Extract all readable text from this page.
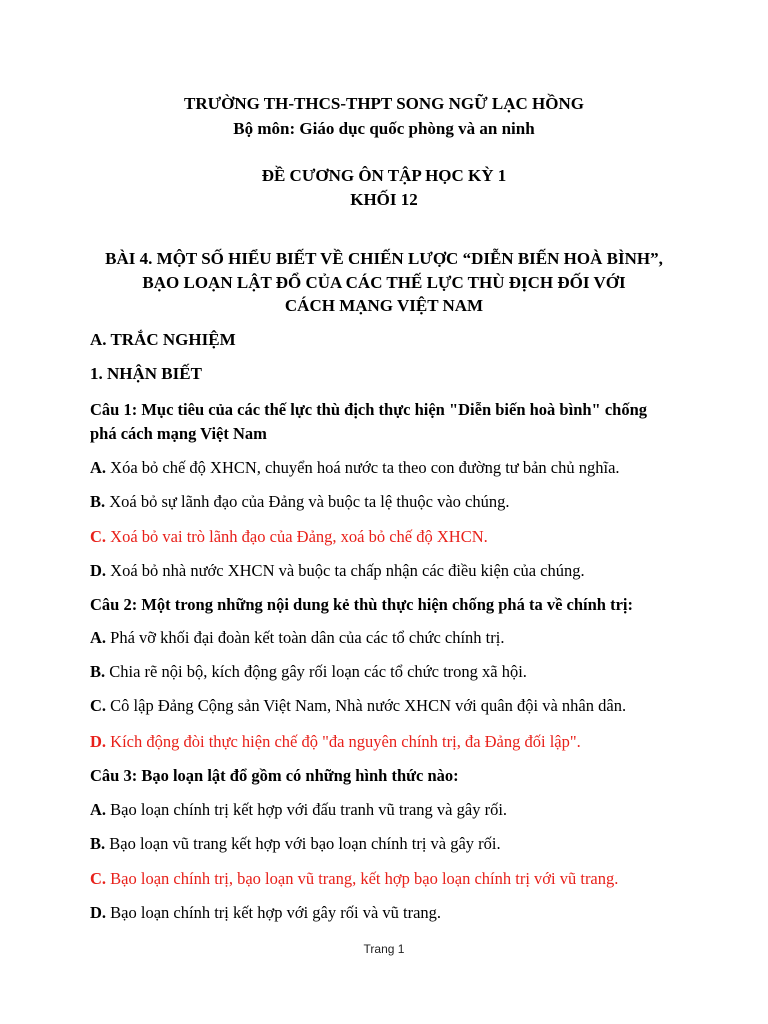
TRƯỜNG TH-THCS-THPT SONG NGỮ LẠC HỒNG
Bộ môn: Giáo dục quốc phòng và an ninh
ĐỀ CƯƠNG ÔN TẬP HỌC KỲ 1
KHỐI 12
BÀI 4. MỘT SỐ HIỂU BIẾT VỀ CHIẾN LƯỢC “DIỄN BIẾN HOÀ BÌNH”,
BẠO LOẠN LẬT ĐỔ CỦA CÁC THẾ LỰC THÙ ĐỊCH ĐỐI VỚI
CÁCH MẠNG VIỆT NAM
A. TRẮC NGHIỆM
1. NHẬN BIẾT
Câu 1: Mục tiêu của các thế lực thù địch thực hiện "Diễn biến hoà bình" chống
phá cách mạng Việt Nam
A. Xóa bỏ chế độ XHCN, chuyển hoá nước ta theo con đường tư bản chủ nghĩa.
B. Xoá bỏ sự lãnh đạo của Đảng và buộc ta lệ thuộc vào chúng.
C. Xoá bỏ vai trò lãnh đạo của Đảng, xoá bỏ chế độ XHCN.
D. Xoá bỏ nhà nước XHCN và buộc ta chấp nhận các điều kiện của chúng.
Câu 2: Một trong những nội dung kẻ thù thực hiện chống phá ta về chính trị:
A. Phá vỡ khối đại đoàn kết toàn dân của các tổ chức chính trị.
B. Chia rẽ nội bộ, kích động gây rối loạn các tổ chức trong xã hội.
C. Cô lập Đảng Cộng sản Việt Nam, Nhà nước XHCN với quân đội và nhân dân.
D. Kích động đòi thực hiện chế độ "đa nguyên chính trị, đa Đảng đối lập".
Câu 3: Bạo loạn lật đổ gồm có những hình thức nào:
A. Bạo loạn chính trị kết hợp với đấu tranh vũ trang và gây rối.
B. Bạo loạn vũ trang kết hợp với bạo loạn chính trị và gây rối.
C. Bạo loạn chính trị, bạo loạn vũ trang, kết hợp bạo loạn chính trị với vũ trang.
D. Bạo loạn chính trị kết hợp với gây rối và vũ trang.
Trang 1
